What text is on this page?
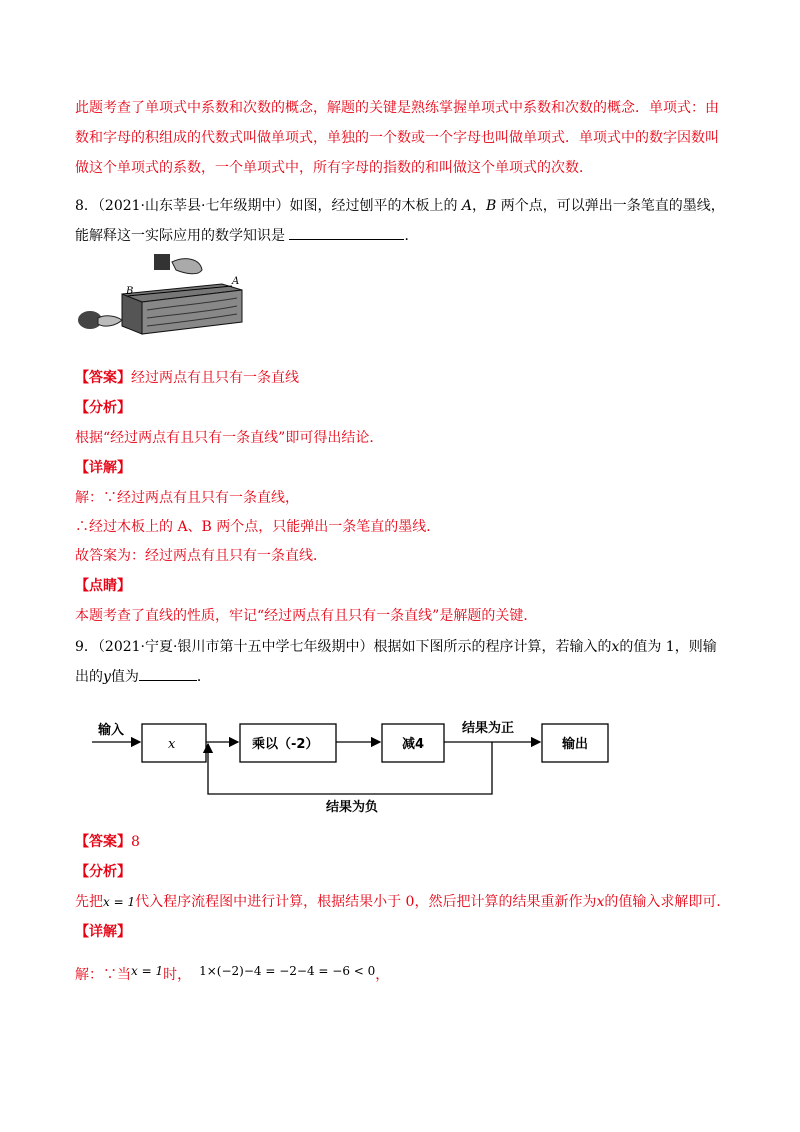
此题考查了单项式中系数和次数的概念，解题的关键是熟练掌握单项式中系数和次数的概念．单项式：由
数和字母的积组成的代数式叫做单项式，单独的一个数或一个字母也叫做单项式．单项式中的数字因数叫
做这个单项式的系数，一个单项式中，所有字母的指数的和叫做这个单项式的次数．
8．（2021·山东莘县·七年级期中）如图，经过刨平的木板上的 A，B 两个点，可以弹出一条笔直的墨线，
能解释这一实际应用的数学知识是	．
B
A
【答案】经过两点有且只有一条直线
【分析】
根据“经过两点有且只有一条直线”即可得出结论．
【详解】
解：∵经过两点有且只有一条直线，
∴经过木板上的 A、B 两个点，只能弹出一条笔直的墨线．
故答案为：经过两点有且只有一条直线．
【点睛】
本题考查了直线的性质，牢记“经过两点有且只有一条直线”是解题的关键．
9．（2021·宁夏·银川市第十五中学七年级期中）根据如下图所示的程序计算，若输入的x的值为 1，则输
出的y值为	．
输入
x	乘以（-2）	减4
结果为正
输出
结果为负
【答案】8
【分析】
先把x = 1代入程序流程图中进行计算，根据结果小于 0，然后把计算的结果重新作为x的值输入求解即可．
【详解】
解：∵当x = 1时， 1×(−2)−4 = −2−4 = −6 < 0，
